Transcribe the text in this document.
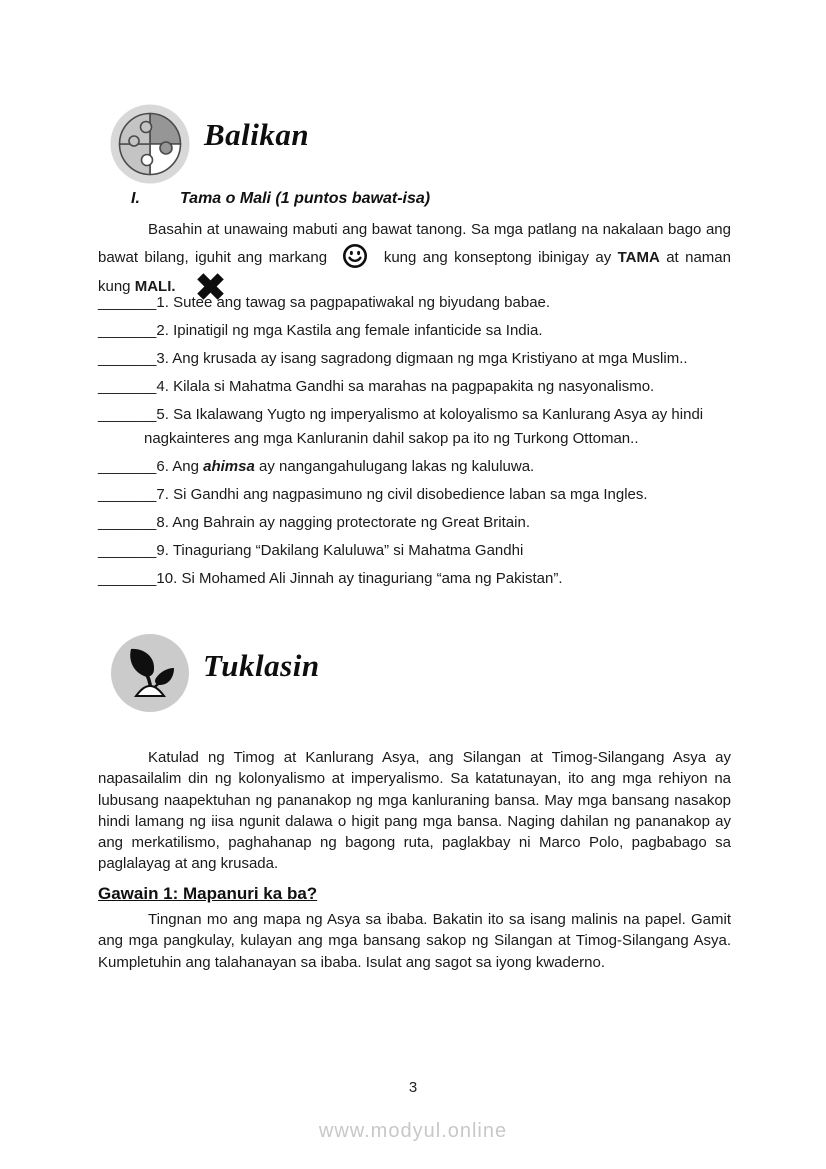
Balikan
I.	Tama o Mali (1 puntos bawat-isa)

Basahin at unawaing mabuti ang bawat tanong. Sa mga patlang na nakalaan bago ang bawat bilang, iguhit ang markang	kung ang konseptong ibinigay ay TAMA at naman kung MALI.

_______1. Sutee ang tawag sa pagpapatiwakal ng biyudang babae.
_______2. Ipinatigil ng mga Kastila ang female infanticide sa India.
_______3. Ang krusada ay isang sagradong digmaan ng mga Kristiyano at mga Muslim..
_______4. Kilala si Mahatma Gandhi sa marahas na pagpapakita ng nasyonalismo.
_______5. Sa Ikalawang Yugto ng imperyalismo at koloyalismo sa Kanlurang Asya ay hindi nagkainteres ang mga Kanluranin dahil sakop pa ito ng Turkong Ottoman..
_______6. Ang ahimsa ay nangangahulugang lakas ng kaluluwa.
_______7. Si Gandhi ang nagpasimuno ng civil disobedience laban sa mga Ingles.
_______8. Ang Bahrain ay nagging protectorate ng Great Britain.
_______9. Tinaguriang “Dakilang Kaluluwa” si Mahatma Gandhi
_______10. Si Mohamed Ali Jinnah ay tinaguriang “ama ng Pakistan”.
Tuklasin

Katulad ng Timog at Kanlurang Asya, ang Silangan at Timog-Silangang Asya ay napasailalim din ng kolonyalismo at imperyalismo. Sa katatunayan, ito ang mga rehiyon na lubusang naapektuhan ng pananakop ng mga kanluraning bansa. May mga bansang nasakop hindi lamang ng iisa ngunit dalawa o higit pang mga bansa. Naging dahilan ng pananakop ay ang merkatilismo, paghahanap ng bagong ruta, paglakbay ni Marco Polo, pagbabago sa paglalayag at ang krusada.

Gawain 1: Mapanuri ka ba?

Tingnan mo ang mapa ng Asya sa ibaba. Bakatin ito sa isang malinis na papel. Gamit ang mga pangkulay, kulayan ang mga bansang sakop ng Silangan at Timog-Silangang Asya. Kumpletuhin ang talahanayan sa ibaba. Isulat ang sagot sa iyong kwaderno.

3
www.modyul.online
